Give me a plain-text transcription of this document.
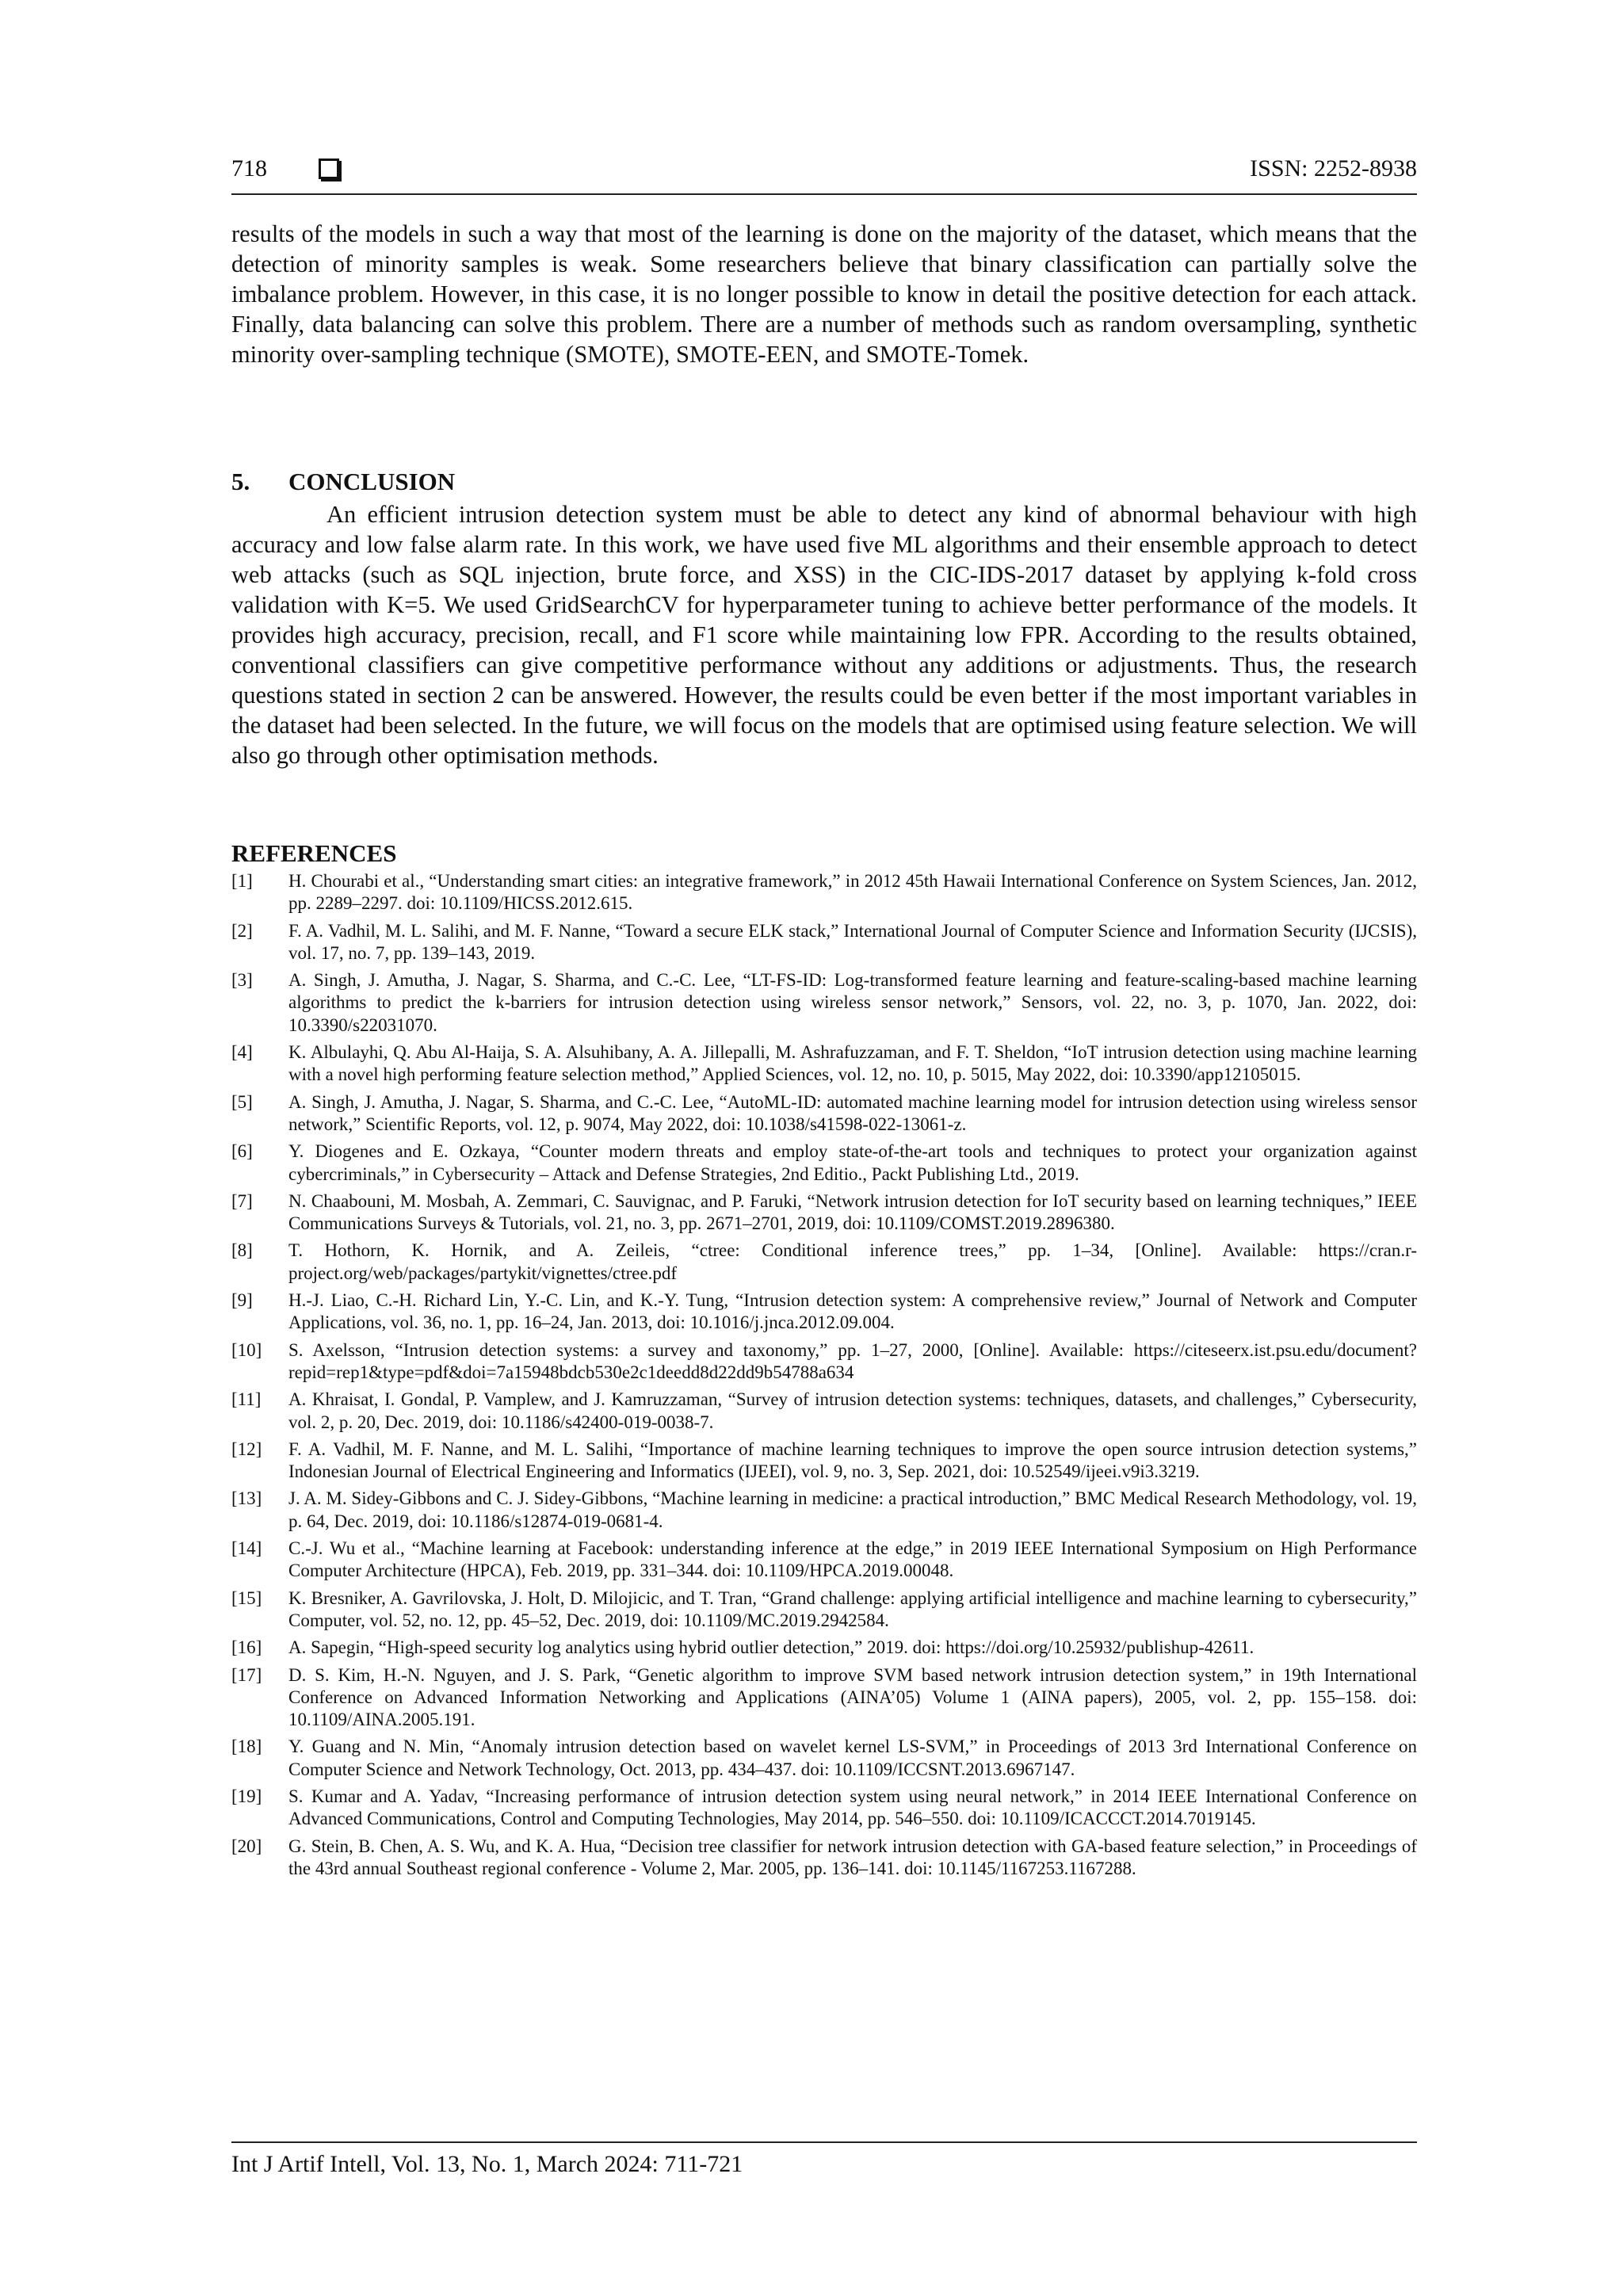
718	ISSN: 2252-8938

results of the models in such a way that most of the learning is done on the majority of the dataset, which means that the detection of minority samples is weak. Some researchers believe that binary classification can partially solve the imbalance problem. However, in this case, it is no longer possible to know in detail the positive detection for each attack. Finally, data balancing can solve this problem. There are a number of methods such as random oversampling, synthetic minority over-sampling technique (SMOTE), SMOTE-EEN, and SMOTE-Tomek.

5. CONCLUSION

An efficient intrusion detection system must be able to detect any kind of abnormal behaviour with high accuracy and low false alarm rate. In this work, we have used five ML algorithms and their ensemble approach to detect web attacks (such as SQL injection, brute force, and XSS) in the CIC-IDS-2017 dataset by applying k-fold cross validation with K=5. We used GridSearchCV for hyperparameter tuning to achieve better performance of the models. It provides high accuracy, precision, recall, and F1 score while maintaining low FPR. According to the results obtained, conventional classifiers can give competitive performance without any additions or adjustments. Thus, the research questions stated in section 2 can be answered. However, the results could be even better if the most important variables in the dataset had been selected. In the future, we will focus on the models that are optimised using feature selection. We will also go through other optimisation methods.

REFERENCES
[1]	H. Chourabi et al., “Understanding smart cities: an integrative framework,” in 2012 45th Hawaii International Conference on System Sciences, Jan. 2012, pp. 2289–2297. doi: 10.1109/HICSS.2012.615.
[2]	F. A. Vadhil, M. L. Salihi, and M. F. Nanne, “Toward a secure ELK stack,” International Journal of Computer Science and Information Security (IJCSIS), vol. 17, no. 7, pp. 139–143, 2019.
[3]	A. Singh, J. Amutha, J. Nagar, S. Sharma, and C.-C. Lee, “LT-FS-ID: Log-transformed feature learning and feature-scaling-based machine learning algorithms to predict the k-barriers for intrusion detection using wireless sensor network,” Sensors, vol. 22, no. 3, p. 1070, Jan. 2022, doi: 10.3390/s22031070.
[4]	K. Albulayhi, Q. Abu Al-Haija, S. A. Alsuhibany, A. A. Jillepalli, M. Ashrafuzzaman, and F. T. Sheldon, “IoT intrusion detection using machine learning with a novel high performing feature selection method,” Applied Sciences, vol. 12, no. 10, p. 5015, May 2022, doi: 10.3390/app12105015.
[5]	A. Singh, J. Amutha, J. Nagar, S. Sharma, and C.-C. Lee, “AutoML-ID: automated machine learning model for intrusion detection using wireless sensor network,” Scientific Reports, vol. 12, p. 9074, May 2022, doi: 10.1038/s41598-022-13061-z.
[6]	Y. Diogenes and E. Ozkaya, “Counter modern threats and employ state-of-the-art tools and techniques to protect your organization against cybercriminals,” in Cybersecurity – Attack and Defense Strategies, 2nd Editio., Packt Publishing Ltd., 2019.
[7]	N. Chaabouni, M. Mosbah, A. Zemmari, C. Sauvignac, and P. Faruki, “Network intrusion detection for IoT security based on learning techniques,” IEEE Communications Surveys & Tutorials, vol. 21, no. 3, pp. 2671–2701, 2019, doi: 10.1109/COMST.2019.2896380.
[8]	T. Hothorn, K. Hornik, and A. Zeileis, “ctree: Conditional inference trees,” pp. 1–34, [Online]. Available: https://cran.r-project.org/web/packages/partykit/vignettes/ctree.pdf
[9]	H.-J. Liao, C.-H. Richard Lin, Y.-C. Lin, and K.-Y. Tung, “Intrusion detection system: A comprehensive review,” Journal of Network and Computer Applications, vol. 36, no. 1, pp. 16–24, Jan. 2013, doi: 10.1016/j.jnca.2012.09.004.
[10]	S. Axelsson, “Intrusion detection systems: a survey and taxonomy,” pp. 1–27, 2000, [Online]. Available: https://citeseerx.ist.psu.edu/document?repid=rep1&type=pdf&doi=7a15948bdcb530e2c1deedd8d22dd9b54788a634
[11]	A. Khraisat, I. Gondal, P. Vamplew, and J. Kamruzzaman, “Survey of intrusion detection systems: techniques, datasets, and challenges,” Cybersecurity, vol. 2, p. 20, Dec. 2019, doi: 10.1186/s42400-019-0038-7.
[12]	F. A. Vadhil, M. F. Nanne, and M. L. Salihi, “Importance of machine learning techniques to improve the open source intrusion detection systems,” Indonesian Journal of Electrical Engineering and Informatics (IJEEI), vol. 9, no. 3, Sep. 2021, doi: 10.52549/ijeei.v9i3.3219.
[13]	J. A. M. Sidey-Gibbons and C. J. Sidey-Gibbons, “Machine learning in medicine: a practical introduction,” BMC Medical Research Methodology, vol. 19, p. 64, Dec. 2019, doi: 10.1186/s12874-019-0681-4.
[14]	C.-J. Wu et al., “Machine learning at Facebook: understanding inference at the edge,” in 2019 IEEE International Symposium on High Performance Computer Architecture (HPCA), Feb. 2019, pp. 331–344. doi: 10.1109/HPCA.2019.00048.
[15]	K. Bresniker, A. Gavrilovska, J. Holt, D. Milojicic, and T. Tran, “Grand challenge: applying artificial intelligence and machine learning to cybersecurity,” Computer, vol. 52, no. 12, pp. 45–52, Dec. 2019, doi: 10.1109/MC.2019.2942584.
[16]	A. Sapegin, “High-speed security log analytics using hybrid outlier detection,” 2019. doi: https://doi.org/10.25932/publishup-42611.
[17]	D. S. Kim, H.-N. Nguyen, and J. S. Park, “Genetic algorithm to improve SVM based network intrusion detection system,” in 19th International Conference on Advanced Information Networking and Applications (AINA’05) Volume 1 (AINA papers), 2005, vol. 2, pp. 155–158. doi: 10.1109/AINA.2005.191.
[18]	Y. Guang and N. Min, “Anomaly intrusion detection based on wavelet kernel LS-SVM,” in Proceedings of 2013 3rd International Conference on Computer Science and Network Technology, Oct. 2013, pp. 434–437. doi: 10.1109/ICCSNT.2013.6967147.
[19]	S. Kumar and A. Yadav, “Increasing performance of intrusion detection system using neural network,” in 2014 IEEE International Conference on Advanced Communications, Control and Computing Technologies, May 2014, pp. 546–550. doi: 10.1109/ICACCCT.2014.7019145.
[20]	G. Stein, B. Chen, A. S. Wu, and K. A. Hua, “Decision tree classifier for network intrusion detection with GA-based feature selection,” in Proceedings of the 43rd annual Southeast regional conference - Volume 2, Mar. 2005, pp. 136–141. doi: 10.1145/1167253.1167288.
Int J Artif Intell, Vol. 13, No. 1, March 2024: 711-721
